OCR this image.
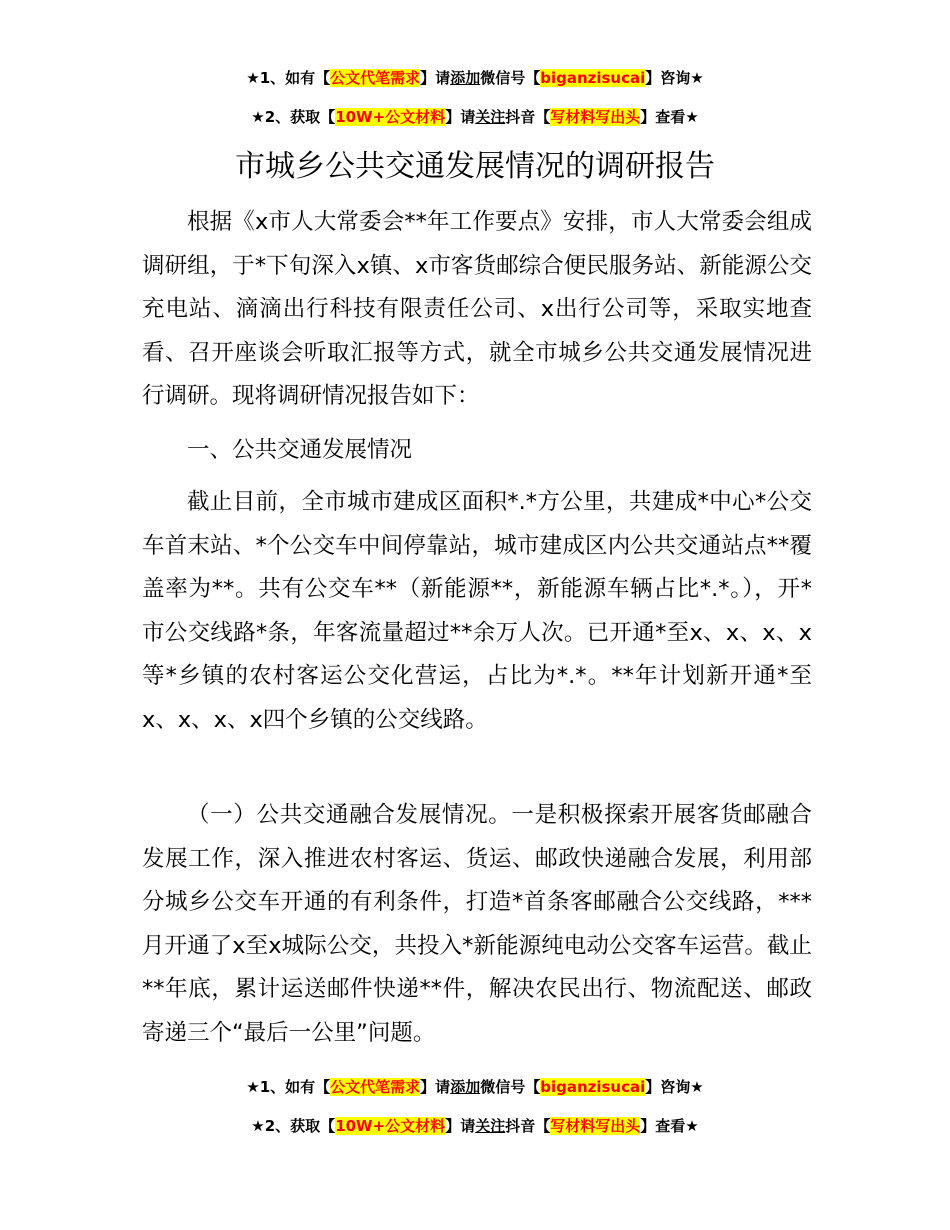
★1、如有【公文代笔需求】请添加微信号【biganzisucai】咨询★
★2、获取【10W+公文材料】请关注抖音【写材料写出头】查看★
市城乡公共交通发展情况的调研报告

根据《x市人大常委会**年工作要点》安排，市人大常委会组成调研组，于*下旬深入x镇、x市客货邮综合便民服务站、新能源公交充电站、滴滴出行科技有限责任公司、x出行公司等，采取实地查看、召开座谈会听取汇报等方式，就全市城乡公共交通发展情况进行调研。现将调研情况报告如下：

一、公共交通发展情况

截止目前，全市城市建成区面积*.*方公里，共建成*中心*公交车首末站、*个公交车中间停靠站，城市建成区内公共交通站点**覆盖率为**。共有公交车**（新能源**，新能源车辆占比*.*。），开*市公交线路*条，年客流量超过**余万人次。已开通*至x、x、x、x等*乡镇的农村客运公交化营运，占比为*.*。**年计划新开通*至x、x、x、x四个乡镇的公交线路。

（一）公共交通融合发展情况。一是积极探索开展客货邮融合发展工作，深入推进农村客运、货运、邮政快递融合发展，利用部分城乡公交车开通的有利条件，打造*首条客邮融合公交线路，***月开通了x至x城际公交，共投入*新能源纯电动公交客车运营。截止**年底，累计运送邮件快递**件，解决农民出行、物流配送、邮政寄递三个“最后一公里”问题。

★1、如有【公文代笔需求】请添加微信号【biganzisucai】咨询★
★2、获取【10W+公文材料】请关注抖音【写材料写出头】查看★
